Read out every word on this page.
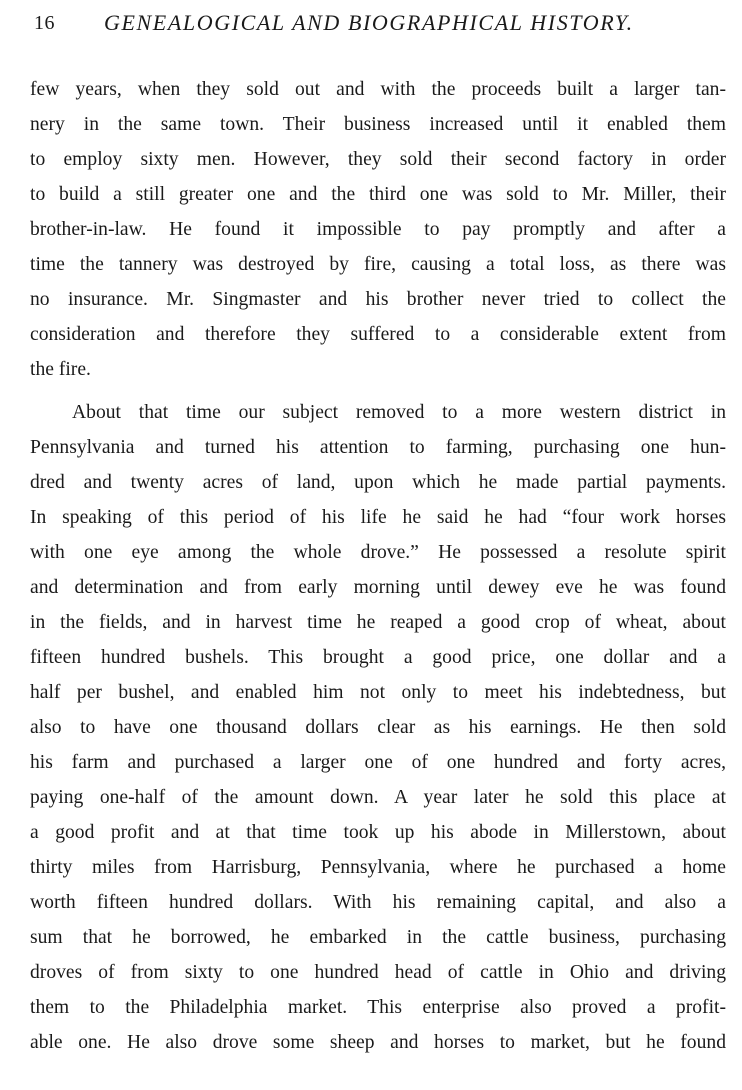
16 GENEALOGICAL AND BIOGRAPHICAL HISTORY.
few years, when they sold out and with the proceeds built a larger tan-
nery in the same town. Their business increased until it enabled them
to employ sixty men. However, they sold their second factory in order
to build a still greater one and the third one was sold to Mr. Miller, their
brother-in-law. He found it impossible to pay promptly and after a
time the tannery was destroyed by fire, causing a total loss, as there was
no insurance. Mr. Singmaster and his brother never tried to collect the
consideration and therefore they suffered to a considerable extent from
the fire.
About that time our subject removed to a more western district in
Pennsylvania and turned his attention to farming, purchasing one hun-
dred and twenty acres of land, upon which he made partial payments.
In speaking of this period of his life he said he had “four work horses
with one eye among the whole drove.” He possessed a resolute spirit
and determination and from early morning until dewey eve he was found
in the fields, and in harvest time he reaped a good crop of wheat, about
fifteen hundred bushels. This brought a good price, one dollar and a
half per bushel, and enabled him not only to meet his indebtedness, but
also to have one thousand dollars clear as his earnings. He then sold
his farm and purchased a larger one of one hundred and forty acres,
paying one-half of the amount down. A year later he sold this place at
a good profit and at that time took up his abode in Millerstown, about
thirty miles from Harrisburg, Pennsylvania, where he purchased a home
worth fifteen hundred dollars. With his remaining capital, and also a
sum that he borrowed, he embarked in the cattle business, purchasing
droves of from sixty to one hundred head of cattle in Ohio and driving
them to the Philadelphia market. This enterprise also proved a profit-
able one. He also drove some sheep and horses to market, but he found
